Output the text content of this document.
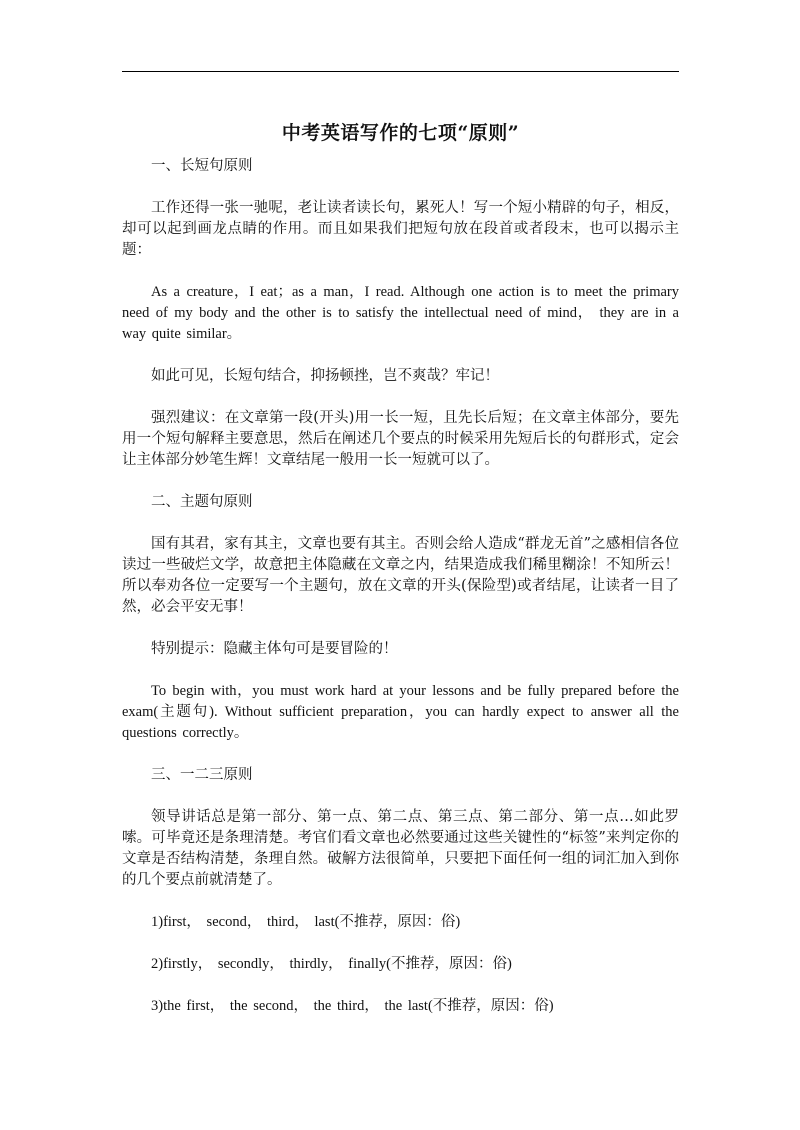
中考英语写作的七项“原则”

一、长短句原则

工作还得一张一驰呢，老让读者读长句，累死人！写一个短小精辟的句子，相反，却可以起到画龙点睛的作用。而且如果我们把短句放在段首或者段末，也可以揭示主题：

As a creature，I eat；as a man，I read. Although one action is to meet the primary need of my body and the other is to satisfy the intellectual need of mind， they are in a way quite similar。

如此可见，长短句结合，抑扬顿挫，岂不爽哉？牢记！

强烈建议：在文章第一段(开头)用一长一短，且先长后短；在文章主体部分，要先用一个短句解释主要意思，然后在阐述几个要点的时候采用先短后长的句群形式，定会让主体部分妙笔生辉！文章结尾一般用一长一短就可以了。

二、主题句原则

国有其君，家有其主，文章也要有其主。否则会给人造成“群龙无首”之感相信各位读过一些破烂文学，故意把主体隐藏在文章之内，结果造成我们稀里糊涂！不知所云！所以奉劝各位一定要写一个主题句，放在文章的开头(保险型)或者结尾，让读者一目了然，必会平安无事！

特别提示：隐藏主体句可是要冒险的！

To begin with，you must work hard at your lessons and be fully prepared before the exam(主题句). Without sufficient preparation，you can hardly expect to answer all the questions correctly。

三、一二三原则

领导讲话总是第一部分、第一点、第二点、第三点、第二部分、第一点…如此罗嗦。可毕竟还是条理清楚。考官们看文章也必然要通过这些关键性的“标签”来判定你的文章是否结构清楚，条理自然。破解方法很简单，只要把下面任何一组的词汇加入到你的几个要点前就清楚了。

1)first， second， third， last(不推荐，原因：俗)

2)firstly， secondly， thirdly， finally(不推荐，原因：俗)

3)the first， the second， the third， the last(不推荐，原因：俗)
